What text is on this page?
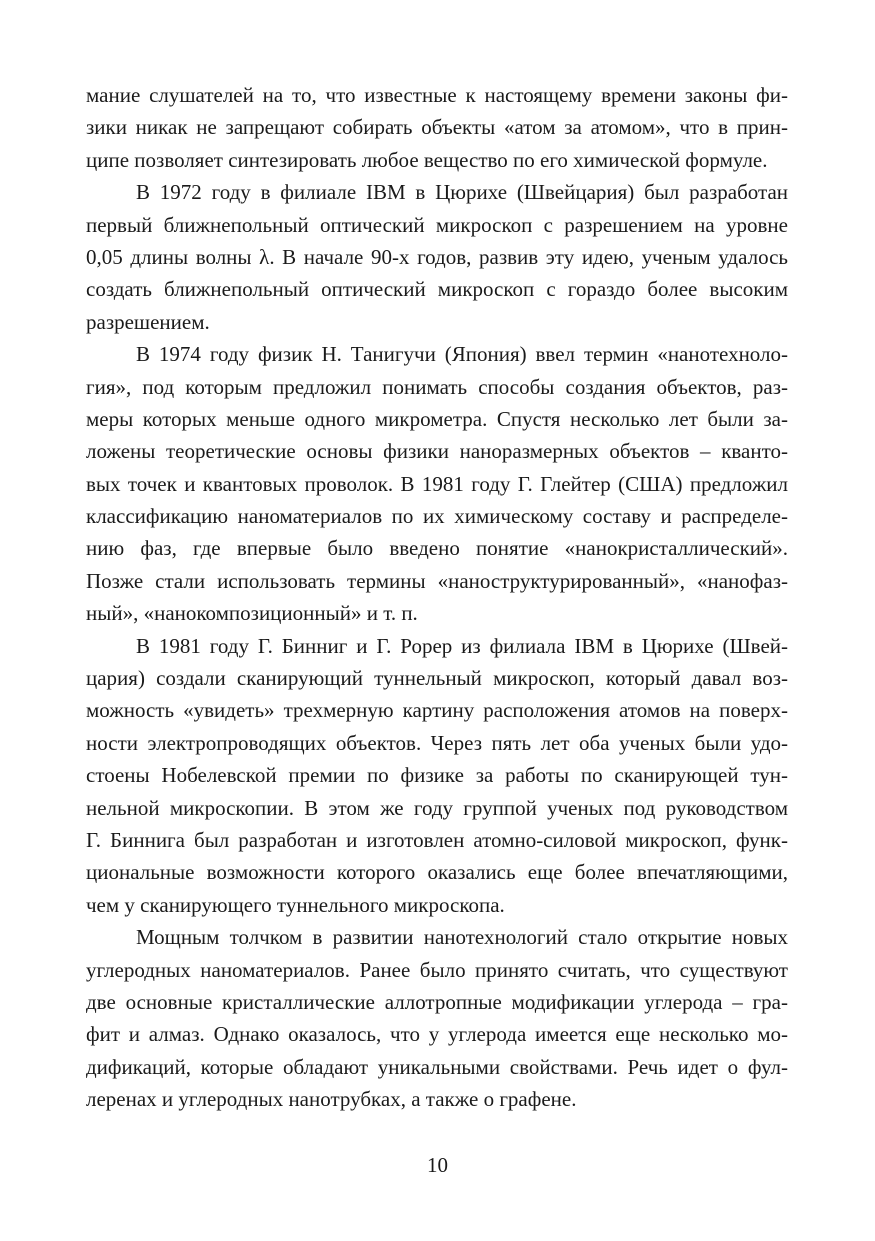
мание слушателей на то, что известные к настоящему времени законы фи-
зики никак не запрещают собирать объекты «атом за атомом», что в прин-
ципе позволяет синтезировать любое вещество по его химической формуле.
В 1972 году в филиале IBM в Цюрихе (Швейцария) был разработан
первый ближнепольный оптический микроскоп с разрешением на уровне
0,05 длины волны λ. В начале 90-х годов, развив эту идею, ученым удалось
создать ближнепольный оптический микроскоп с гораздо более высоким
разрешением.
В 1974 году физик Н. Танигучи (Япония) ввел термин «нанотехноло-
гия», под которым предложил понимать способы создания объектов, раз-
меры которых меньше одного микрометра. Спустя несколько лет были за-
ложены теоретические основы физики наноразмерных объектов – кванто-
вых точек и квантовых проволок. В 1981 году Г. Глейтер (США) предложил
классификацию наноматериалов по их химическому составу и распределе-
нию фаз, где впервые было введено понятие «нанокристаллический».
Позже стали использовать термины «наноструктурированный», «нанофаз-
ный», «нанокомпозиционный» и т. п.
В 1981 году Г. Бинниг и Г. Рорер из филиала IBM в Цюрихе (Швей-
цария) создали сканирующий туннельный микроскоп, который давал воз-
можность «увидеть» трехмерную картину расположения атомов на поверх-
ности электропроводящих объектов. Через пять лет оба ученых были удо-
стоены Нобелевской премии по физике за работы по сканирующей тун-
нельной микроскопии. В этом же году группой ученых под руководством
Г. Биннига был разработан и изготовлен атомно-силовой микроскоп, функ-
циональные возможности которого оказались еще более впечатляющими,
чем у сканирующего туннельного микроскопа.
Мощным толчком в развитии нанотехнологий стало открытие новых
углеродных наноматериалов. Ранее было принято считать, что существуют
две основные кристаллические аллотропные модификации углерода – гра-
фит и алмаз. Однако оказалось, что у углерода имеется еще несколько мо-
дификаций, которые обладают уникальными свойствами. Речь идет о фул-
леренах и углеродных нанотрубках, а также о графене.
10
